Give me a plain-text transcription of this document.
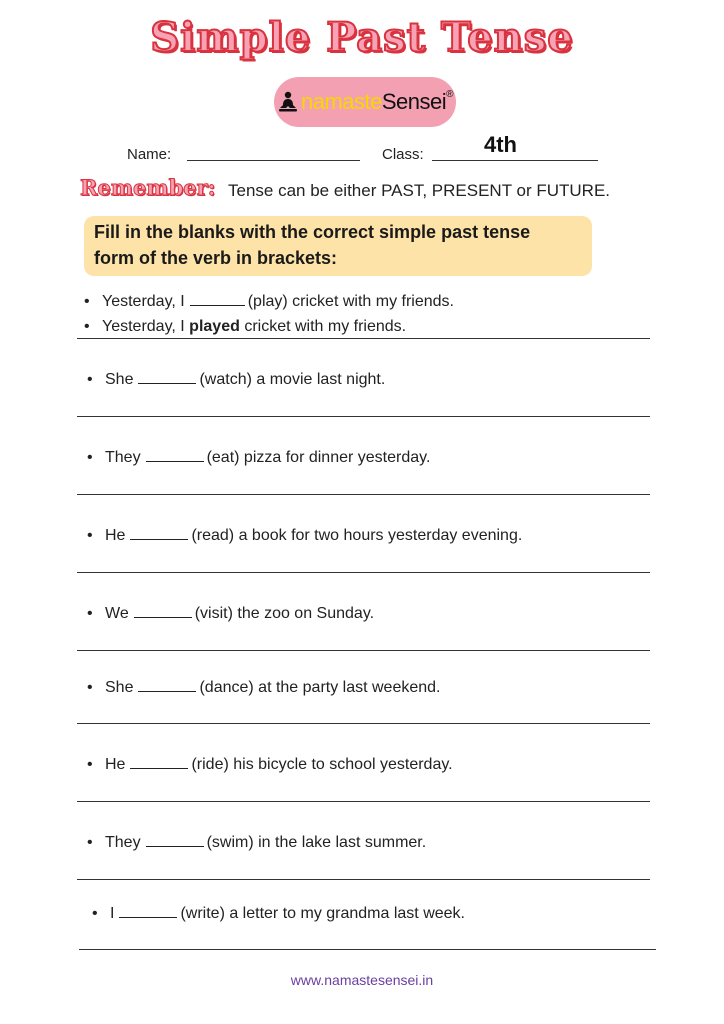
Simple Past Tense
namasteSensei®
Name:	Class:	4th
Remember: Tense can be either PAST, PRESENT or FUTURE.
Fill in the blanks with the correct simple past tense
form of the verb in brackets:
• Yesterday, I	(play) cricket with my friends.
• Yesterday, I played cricket with my friends.
• She	(watch) a movie last night.
• They	(eat) pizza for dinner yesterday.
• He	(read) a book for two hours yesterday evening.
• We	(visit) the zoo on Sunday.
• She	(dance) at the party last weekend.
• He	(ride) his bicycle to school yesterday.
• They	(swim) in the lake last summer.
• I	(write) a letter to my grandma last week.
www.namastesensei.in
